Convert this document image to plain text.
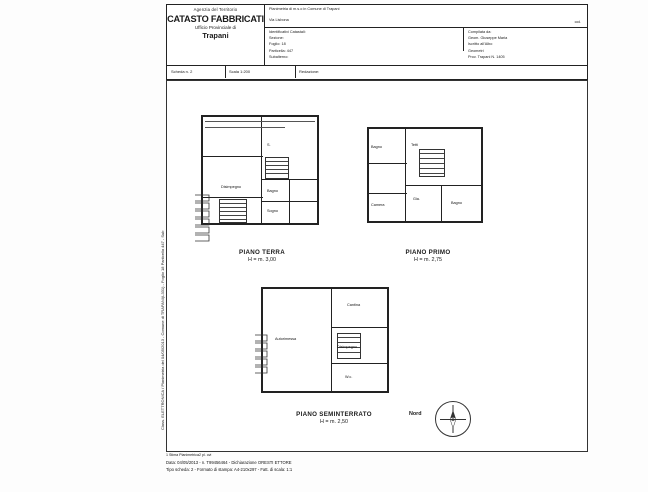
Agenzia del Territorio
CATASTO FABBRICATI
Ufficio Provinciale di
Trapani
Planimetria di m.s.o in Comune di Trapani
Via Lisbona	cod.
Identificativi Catastali:
Sezione:
Foglio: 18
Particella: 447
Subalterno:
Compilata da:
Geom. Giuseppe Maria
Iscritto all'Albo
Geometri
Prov. Trapani N. 1405
Scheda n. 2	Scala 1:200	Redazione:
Class. ELETTRONICA / Planimetria del 04/05/2013 - Comune di TRAPANI(L331) - Foglio 18 Particella 447 - Sub
S.
Disimpegno
Bagno
Sogno
PIANO TERRA
H = m. 3,00
Bagno	Tetti
Gia.
Bagno
Camera
PIANO PRIMO
H = m. 2,75
Autorimessa
Cantina
Disimpegno
W.c.
PIANO SEMINTERRATO
H = m. 2,50
Nord
1 Stima Planimetrica2 pl. ovi
Data: 04/05/2013 - n. T99456464 - Dichiarazione ORESTI ETTORE
Tipo scheda: 2 - Formato di stampa: A4-210x297 - Fatt. di scala: 1:1
